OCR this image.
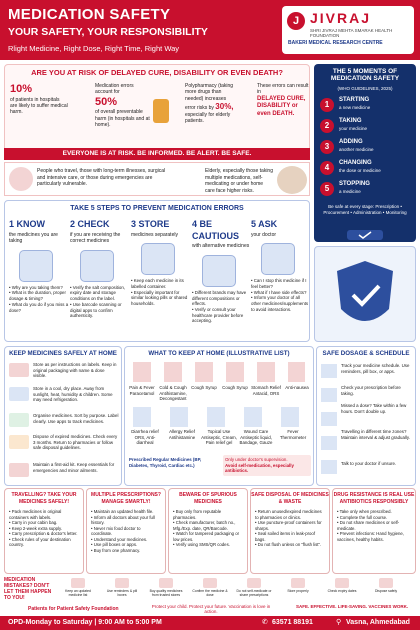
MEDICATION SAFETY
YOUR SAFETY, YOUR RESPONSIBILITY
Rlight Medicine, Right Dose, Right Time, Right Way
J JIVRAJ
SHRI JIVRAJ MEHTA SMARAK HEALTH FOUNDATION
BAKERI MEDICAL RESEARCH CENTRE
ARE YOU AT RISK OF DELAYED CURE, DISABILITY OR EVEN DEATH?
10%
of patients in hospitals are likely to suffer medical harm.
Medication errors account for
50%
of overall preventable harm (in hospitals and at home).
Polypharmacy (taking more drugs than needed) increases error risks by 30%, especially for elderly patients.
These errors can result in
DELAYED CURE, DISABILITY or even DEATH.
EVERYONE IS AT RISK. BE INFORMED. BE ALERT. BE SAFE.
People who travel, those with long-term illnesses, surgical and intensive care, or those during emergencies are particularly vulnerable.
Elderly, especially those taking multiple medications, self-medicating or under home care face higher risks.
THE 5 MOMENTS OF MEDICATION SAFETY
(WHO GUIDELINES, 2025)
1	STARTING
a new medicine
2	TAKING
your medicine
3	ADDING
another medicine
4	CHANGING
the dose or medicine
5	STOPPING
a medicine
Be safe at every stage: Prescription • Procurement • Administration • Monitoring
TAKE 5 STEPS TO PREVENT MEDICATION ERRORS
1 KNOW
the medicines you are taking
• Why are you taking them?
• What is the duration, proper dosage & timing?
• What do you do if you miss a dose?
2 CHECK
if you are receiving the correct medicines
• Verify the salt composition, expiry date and storage conditions on the label.
• Use barcode scanning or digital apps to confirm authenticity.
3 STORE
medicines separately
• Keep each medicine in its labelled container.
• Especially important for similar looking pills or shared households.
4 BE CAUTIOUS
with alternative medicines
• Different brands may have different compositions or effects.
• Verify or consult your healthcare provider before accepting.
5 ASK
your doctor
• Can I stop this medicine if I feel better?
• What if I have side effects?
• Inform your doctor of all other medicines/supplements to avoid interactions.
KEEP MEDICINES SAFELY AT HOME
Store as per instructions on labels. Keep in original packaging with name & dose visible.
Store in a cool, dry place. Away from sunlight, heat, humidity & children. Some may need refrigeration.
Organise medicines. Sort by purpose. Label clearly. Use apps to track medicines.
Dispose of expired medicines. Check every 3 months. Return to pharmacies or follow safe disposal guidelines.
Maintain a first-aid kit. Keep essentials for emergencies and minor ailments.
WHAT TO KEEP AT HOME (ILLUSTRATIVE LIST)
Pain & Fever Paracetamol
Cold & Cough Antihistamine, Decongestant
Cough Syrup	Cough Syrup Stomach Relief Antacid, ORS
Anti-nausea
Diarrhea relief ORS, Anti-diarrheal
Allergy Relief Antihistamine
Topical Use Antiseptic, Cream, Pain relief gel
Wound Care Antiseptic liquid, Bandage, Gauze
Fever Thermometer
Prescribed Regular Medicines (BP, Diabetes, Thyroid, Cardiac etc.)
Only under doctor's supervision.
Avoid self-medication, especially antibiotics.
SAFE DOSAGE & SCHEDULE
Track your medicine schedule. Use reminders, pill box, or apps.
Check your prescription before taking.
Missed a dose? Take within a few hours. Don't double up.
Travelling in different time zones? Maintain interval & adjust gradually.
Talk to your doctor if unsure.
TRAVELLING? TAKE YOUR MEDICINES SAFELY!
• Pack medicines in original containers with labels.
• Carry in your cabin bag.
• Keep 2-week extra supply.
• Carry prescription & doctor's letter.
• Check rules of your destination country.
MULTIPLE PRESCRIPTIONS? MANAGE SMARTLY!
• Maintain an updated health file.
• Inform all doctors about your full history.
• Never mix food doctor to coordinate.
• Understand your medicines.
• Use pill boxes or apps.
• Buy from one pharmacy.
BEWARE OF SPURIOUS MEDICINES
• Buy only from reputable pharmacies.
• Check manufacturer, batch no., Mfg./Exp. date, QR/Barcode.
• Watch for tampered packaging or low prices.
• Verify using SMS/QR codes.
SAFE DISPOSAL OF MEDICINES & WASTE
• Return unused/expired medicines to pharmacies or clinics.
• Use puncture-proof containers for sharps.
• Seal soiled items in leak-proof bags.
• Do not flush unless on "flush list".
DRUG RESISTANCE IS REAL USE ANTIBIOTICS RESPONSIBLY
• Take only when prescribed.
• Complete the full course.
• Do not share medicines or self-medicate.
• Prevent infections: Hand hygiene, vaccines, healthy habits.
MEDICATION MISTAKES? DON'T LET THEM HAPPEN TO YOU!
Keep an updated medicine list
Use reminders & pill boxes
Buy quality medicines from trusted stores
Confirm the medicine & dose
Do not self-medicate or share prescriptions
Store properly	Check expiry dates	Dispose safely
Patients for Patient Safety Foundation	Protect your child. Protect your future. Vaccination is love in action.
SAFE. EFFECTIVE. LIFE-SAVING. VACCINES WORK.
OPD-Monday to Saturday | 9:00 AM to 5:00 PM	✆ 63571 88191	⚲ Vasna, Ahmedabad
